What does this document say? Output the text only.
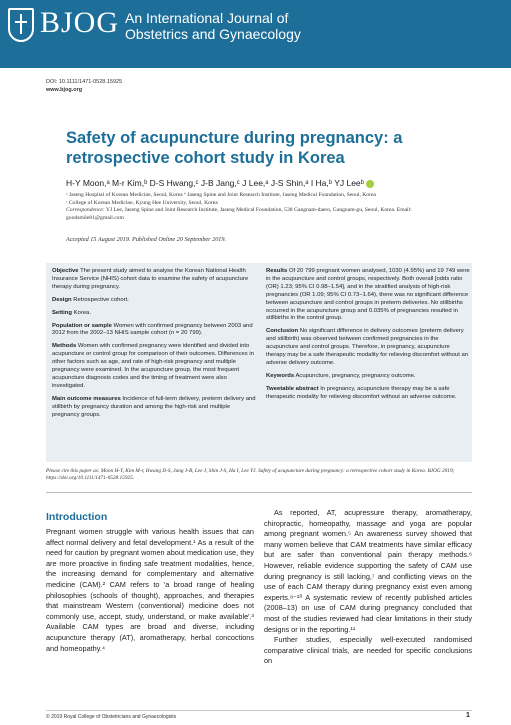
BJOG An International Journal of
Obstetrics and Gynaecology
DOI: 10.1111/1471-0528.15925
www.bjog.org
Safety of acupuncture during pregnancy: a retrospective cohort study in Korea
H-Y Moon,ᵃ M-r Kim,ᵇ D-S Hwang,ᶜ J-B Jang,ᶜ J Lee,ᵃ J-S Shin,ᵃ I Ha,ᵇ YJ Leeᵇ
ᵃ Jaseng Hospital of Korean Medicine, Seoul, Korea ᵇ Jaseng Spine and Joint Research Institute, Jaseng Medical Foundation, Seoul, Korea
ᶜ College of Korean Medicine, Kyung Hee University, Seoul, Korea
Correspondence: YJ Lee, Jaseng Spine and Joint Research Institute, Jaseng Medical Foundation, 538 Gangnam-daero, Gangnam-gu, Seoul, Korea. Email: goodsmile81@gmail.com
Accepted 15 August 2019. Published Online 20 September 2019.

Objective The present study aimed to analyse the Korean National Health Insurance Service (NHIS) cohort data to examine the safety of acupuncture therapy during pregnancy.

Design Retrospective cohort.

Setting Korea.

Population or sample Women with confirmed pregnancy between 2003 and 2012 from the 2002–13 NHIS sample cohort (n = 20 799).

Methods Women with confirmed pregnancy were identified and divided into acupuncture or control group for comparison of their outcomes. Differences in other factors such as age, and rate of high-risk pregnancy and multiple pregnancy were examined. In the acupuncture group, the most frequent acupuncture diagnosis codes and the timing of treatment were also investigated.

Main outcome measures Incidence of full-term delivery, preterm delivery and stillbirth by pregnancy duration and among the high-risk and multiple pregnancy groups.

Results Of 20 799 pregnant women analysed, 1030 (4.95%) and 19 749 were in the acupuncture and control groups, respectively. Both overall [odds ratio (OR) 1.23; 95% CI 0.98–1.54], and in the stratified analysis of high-risk pregnancies (OR 1.09; 95% CI 0.73–1.64), there was no significant difference between acupuncture and control groups in preterm deliveries. No stillbirths occurred in the acupuncture group and 0.035% of pregnancies resulted in stillbirths in the control group.

Conclusion No significant difference in delivery outcomes (preterm delivery and stillbirth) was observed between confirmed pregnancies in the acupuncture and control groups. Therefore, in pregnancy, acupuncture therapy may be a safe therapeutic modality for relieving discomfort without an adverse delivery outcome.

Keywords Acupuncture, pregnancy, pregnancy outcome.

Tweetable abstract In pregnancy, acupuncture therapy may be a safe therapeutic modality for relieving discomfort without an adverse outcome.

Please cite this paper as: Moon H-Y, Kim M-r, Hwang D-S, Jang J-B, Lee J, Shin J-S, Ha I, Lee YJ. Safety of acupuncture during pregnancy: a retrospective cohort study in Korea. BJOG 2019; https://doi.org/10.1111/1471-0528.15925.
Introduction

Pregnant women struggle with various health issues that can affect normal delivery and fetal development.¹ As a result of the need for caution by pregnant women about medication use, they are more proactive in finding safe treatment modalities, hence, the increasing demand for complementary and alternative medicine (CAM).² CAM refers to 'a broad range of healing philosophies (schools of thought), approaches, and therapies that mainstream Western (conventional) medicine does not commonly use, accept, study, understand, or make available'.³ Available CAM types are broad and diverse, including acupuncture therapy (AT), aromatherapy, herbal concoctions and homeopathy.⁴

As reported, AT, acupressure therapy, aromatherapy, chiropractic, homeopathy, massage and yoga are popular among pregnant women.⁵ An awareness survey showed that many women believe that CAM treatments have similar efficacy but are safer than conventional pain therapy methods.⁶ However, reliable evidence supporting the safety of CAM use during pregnancy is still lacking,⁷ and conflicting views on the use of each CAM therapy during pregnancy exist even among experts.⁸⁻¹⁰ A systematic review of recently published articles (2008–13) on use of CAM during pregnancy concluded that most of the studies reviewed had clear limitations in their study designs or in the reporting.¹¹

Further studies, especially well-executed randomised comparative clinical trials, are needed for specific conclusions on

© 2019 Royal College of Obstetricians and Gynaecologists	1
